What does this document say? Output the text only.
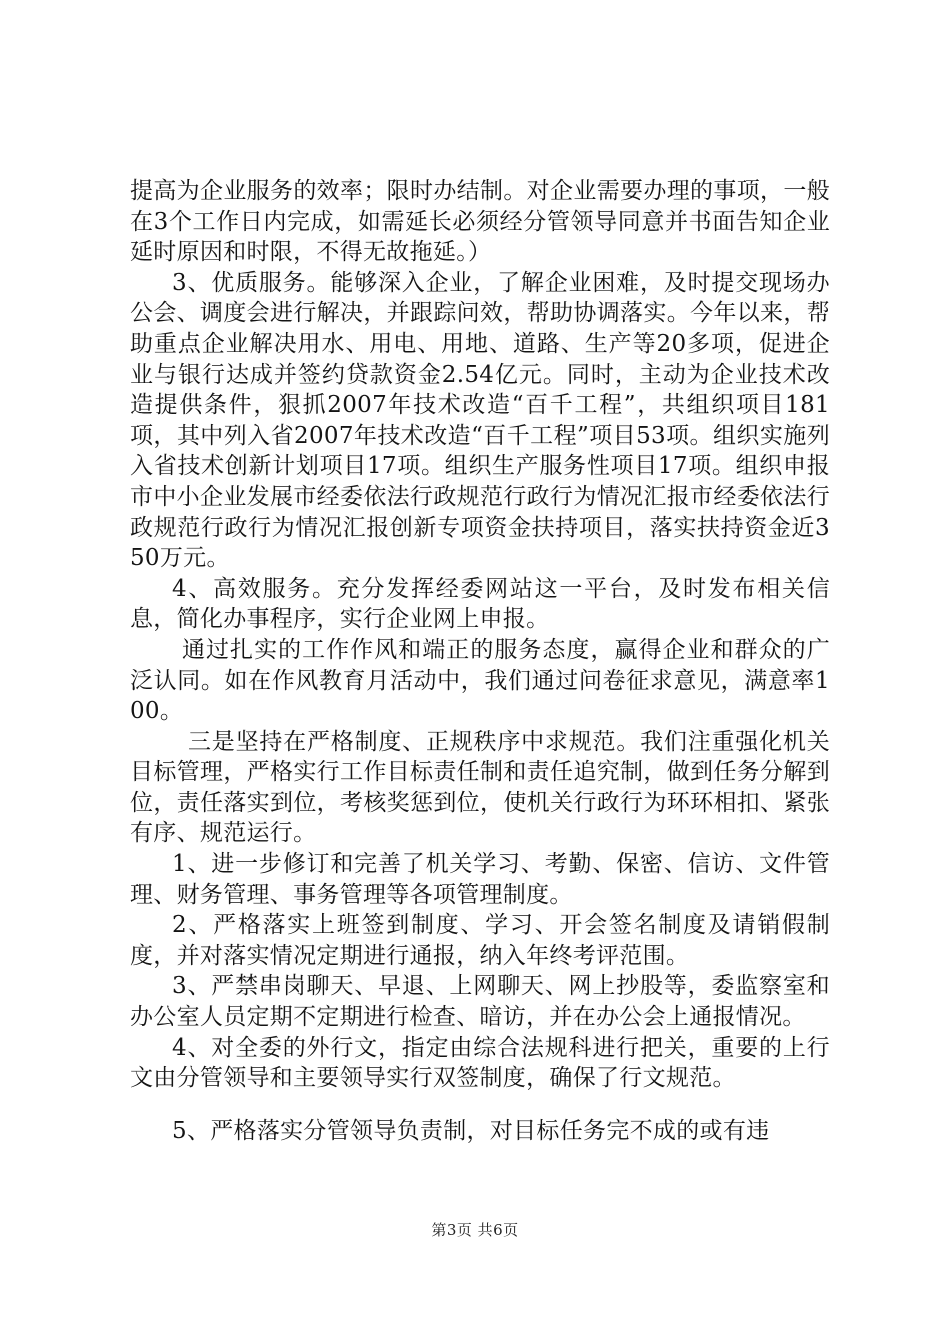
提高为企业服务的效率；限时办结制。对企业需要办理的事项，一般在3个工作日内完成，如需延长必须经分管领导同意并书面告知企业延时原因和时限，不得无故拖延。）

3、优质服务。能够深入企业，了解企业困难，及时提交现场办公会、调度会进行解决，并跟踪问效，帮助协调落实。今年以来，帮助重点企业解决用水、用电、用地、道路、生产等20多项，促进企业与银行达成并签约贷款资金2.54亿元。同时，主动为企业技术改造提供条件，狠抓2007年技术改造“百千工程”，共组织项目181项，其中列入省2007年技术改造“百千工程”项目53项。组织实施列入省技术创新计划项目17项。组织生产服务性项目17项。组织申报市中小企业发展市经委依法行政规范行政行为情况汇报市经委依法行政规范行政行为情况汇报创新专项资金扶持项目，落实扶持资金近350万元。

4、高效服务。充分发挥经委网站这一平台，及时发布相关信息，简化办事程序，实行企业网上申报。

通过扎实的工作作风和端正的服务态度，赢得企业和群众的广泛认同。如在作风教育月活动中，我们通过问卷征求意见，满意率100。

三是坚持在严格制度、正规秩序中求规范。我们注重强化机关目标管理，严格实行工作目标责任制和责任追究制，做到任务分解到位，责任落实到位，考核奖惩到位，使机关行政行为环环相扣、紧张有序、规范运行。

1、进一步修订和完善了机关学习、考勤、保密、信访、文件管理、财务管理、事务管理等各项管理制度。

2、严格落实上班签到制度、学习、开会签名制度及请销假制度，并对落实情况定期进行通报，纳入年终考评范围。

3、严禁串岗聊天、早退、上网聊天、网上抄股等，委监察室和办公室人员定期不定期进行检查、暗访，并在办公会上通报情况。

4、对全委的外行文，指定由综合法规科进行把关，重要的上行文由分管领导和主要领导实行双签制度，确保了行文规范。

5、严格落实分管领导负责制，对目标任务完不成的或有违

第3页 共6页
